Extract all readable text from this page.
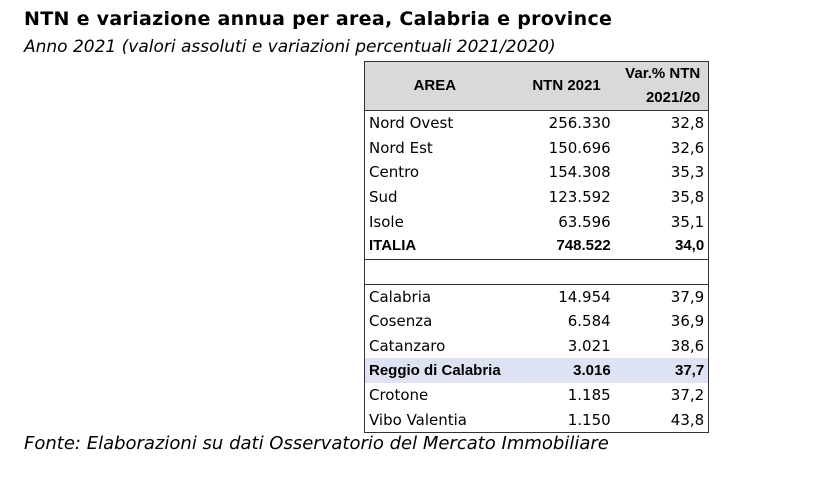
NTN e variazione annua per area, Calabria e province
Anno 2021 (valori assoluti e variazioni percentuali 2021/2020)
AREA	NTN 2021	Var.% NTN
2021/20
Nord Ovest	256.330	32,8
Nord Est	150.696	32,6
Centro	154.308	35,3
Sud	123.592	35,8
Isole	63.596	35,1
ITALIA	748.522	34,0

Calabria	14.954	37,9
Cosenza	6.584	36,9
Catanzaro	3.021	38,6
Reggio di Calabria	3.016	37,7
Crotone	1.185	37,2
Vibo Valentia	1.150	43,8
Fonte: Elaborazioni su dati Osservatorio del Mercato Immobiliare
